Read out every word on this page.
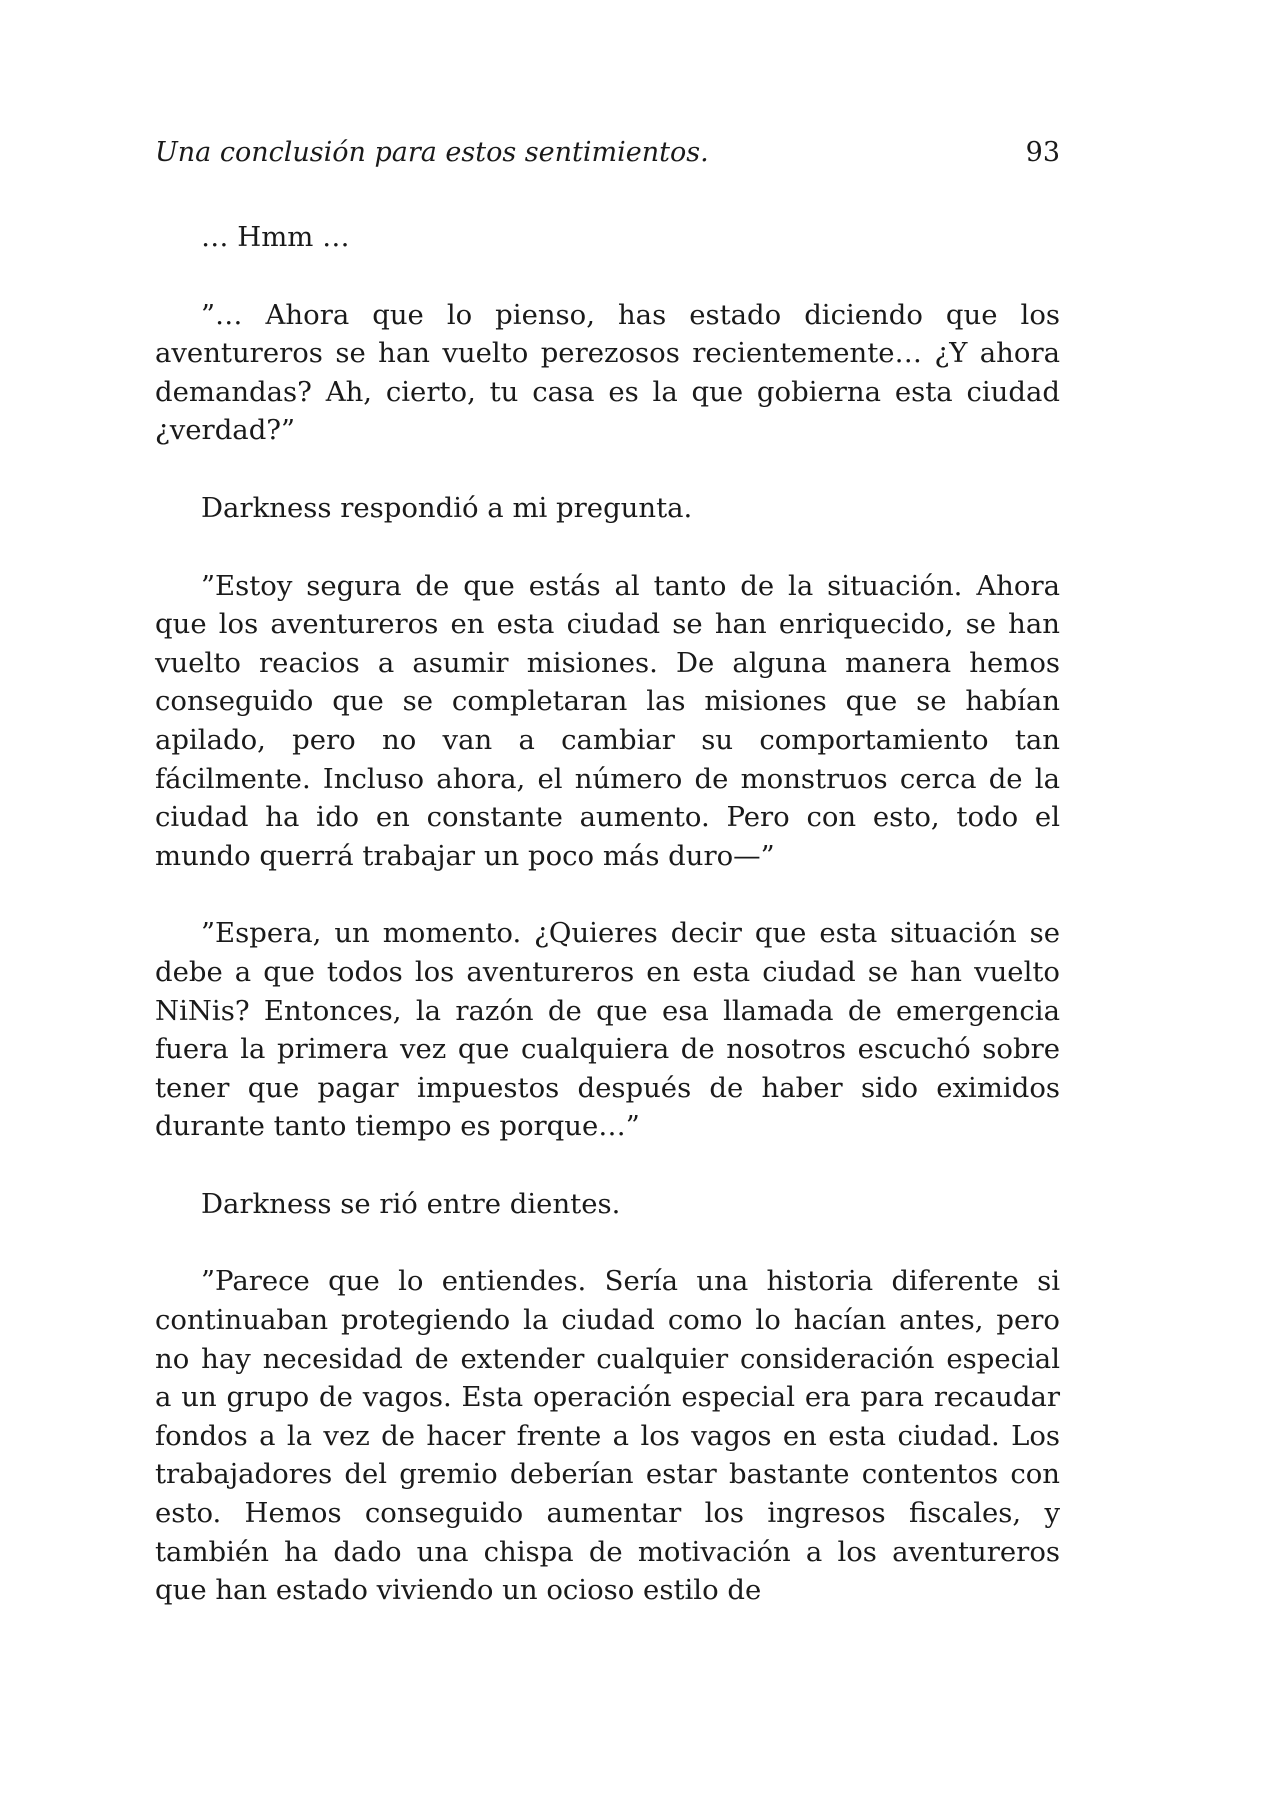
Una conclusión para estos sentimientos.	93

… Hmm …

”… Ahora que lo pienso, has estado diciendo que los aventureros se han vuelto perezosos recientemente… ¿Y ahora demandas? Ah, cierto, tu casa es la que gobierna esta ciudad ¿verdad?”

Darkness respondió a mi pregunta.

”Estoy segura de que estás al tanto de la situación. Ahora que los aventureros en esta ciudad se han enriquecido, se han vuelto reacios a asumir misiones. De alguna manera hemos conseguido que se completaran las misiones que se habían apilado, pero no van a cambiar su comportamiento tan fácilmente. Incluso ahora, el número de monstruos cerca de la ciudad ha ido en constante aumento. Pero con esto, todo el mundo querrá trabajar un poco más duro—”

”Espera, un momento. ¿Quieres decir que esta situación se debe a que todos los aventureros en esta ciudad se han vuelto NiNis? Entonces, la razón de que esa llamada de emergencia fuera la primera vez que cualquiera de nosotros escuchó sobre tener que pagar impuestos después de haber sido eximidos durante tanto tiempo es porque…”

Darkness se rió entre dientes.

”Parece que lo entiendes. Sería una historia diferente si continuaban protegiendo la ciudad como lo hacían antes, pero no hay necesidad de extender cualquier consideración especial a un grupo de vagos. Esta operación especial era para recaudar fondos a la vez de hacer frente a los vagos en esta ciudad. Los trabajadores del gremio deberían estar bastante contentos con esto. Hemos conseguido aumentar los ingresos fiscales, y también ha dado una chispa de motivación a los aventureros que han estado viviendo un ocioso estilo de
